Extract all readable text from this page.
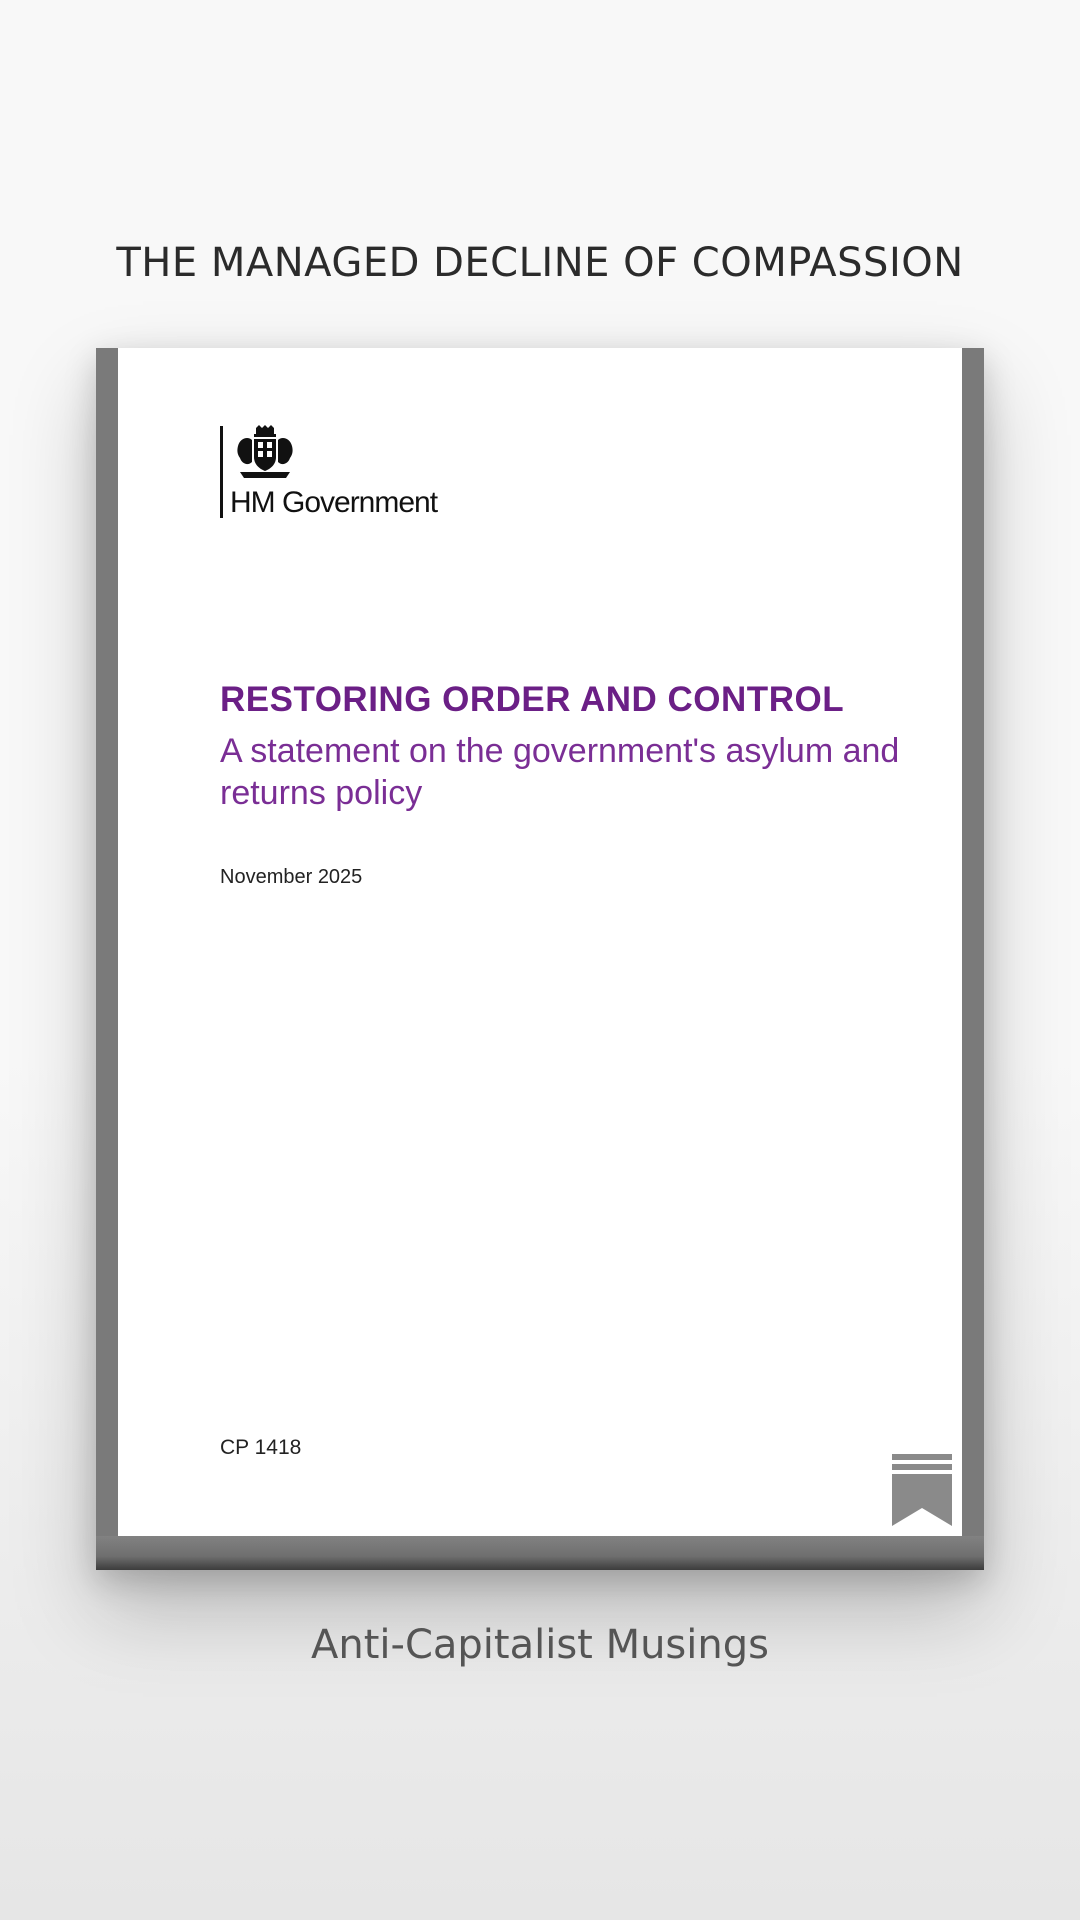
THE MANAGED DECLINE OF COMPASSION
HM Government
RESTORING ORDER AND CONTROL
A statement on the government's asylum and returns policy
November 2025
CP 1418

Anti-Capitalist Musings
